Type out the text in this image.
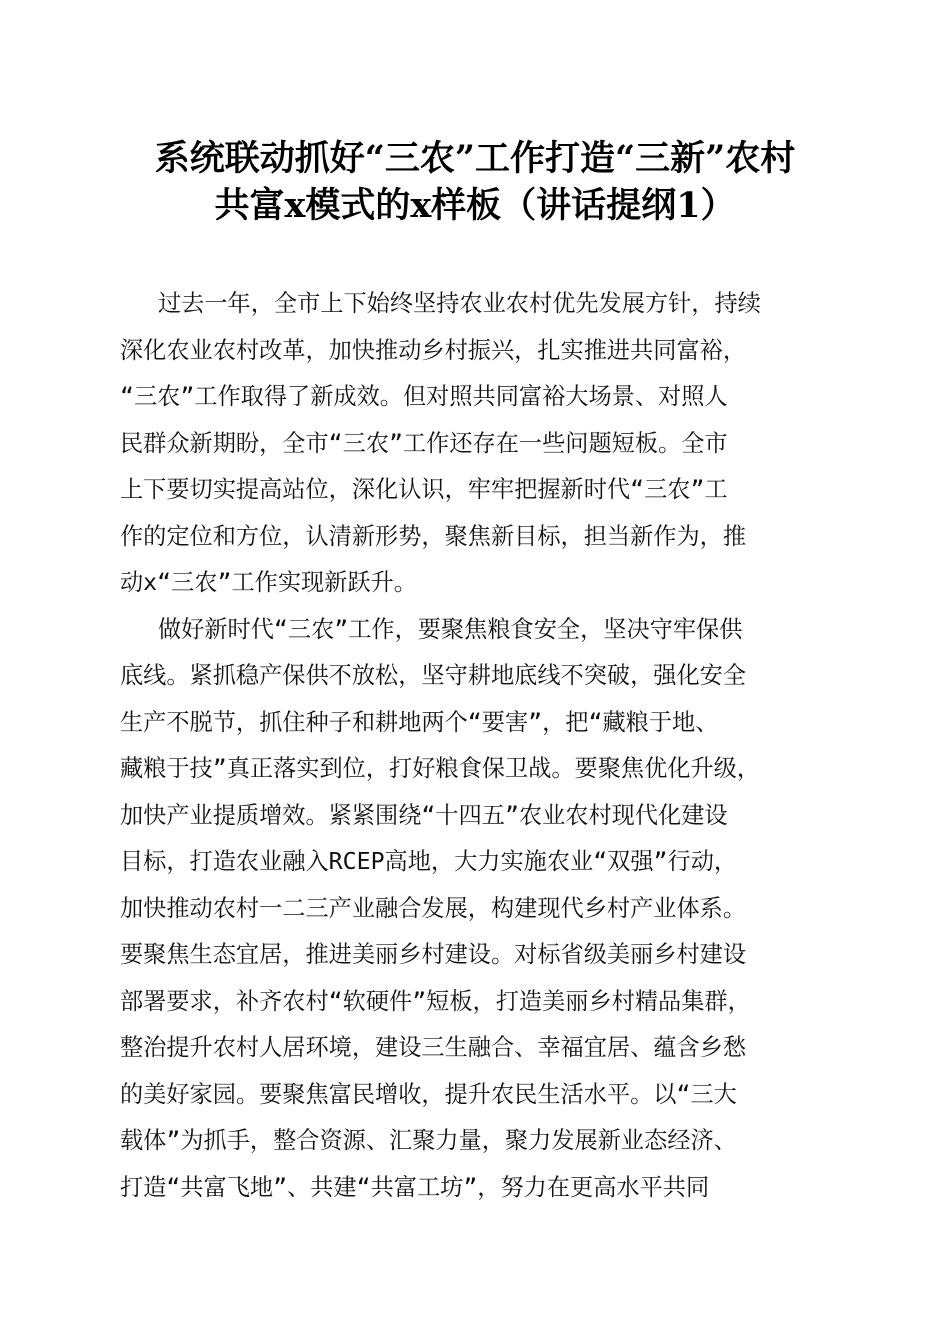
系统联动抓好“三农”工作打造“三新”农村
共富x模式的x样板（讲话提纲1）
过去一年，全市上下始终坚持农业农村优先发展方针，持续
深化农业农村改革，加快推动乡村振兴，扎实推进共同富裕，
“三农”工作取得了新成效。但对照共同富裕大场景、对照人
民群众新期盼，全市“三农”工作还存在一些问题短板。全市
上下要切实提高站位，深化认识，牢牢把握新时代“三农”工
作的定位和方位，认清新形势，聚焦新目标，担当新作为，推
动x“三农”工作实现新跃升。
做好新时代“三农”工作，要聚焦粮食安全，坚决守牢保供
底线。紧抓稳产保供不放松，坚守耕地底线不突破，强化安全
生产不脱节，抓住种子和耕地两个“要害”，把“藏粮于地、
藏粮于技”真正落实到位，打好粮食保卫战。要聚焦优化升级，
加快产业提质增效。紧紧围绕“十四五”农业农村现代化建设
目标，打造农业融入RCEP高地，大力实施农业“双强”行动，
加快推动农村一二三产业融合发展，构建现代乡村产业体系。
要聚焦生态宜居，推进美丽乡村建设。对标省级美丽乡村建设
部署要求，补齐农村“软硬件”短板，打造美丽乡村精品集群，
整治提升农村人居环境，建设三生融合、幸福宜居、蕴含乡愁
的美好家园。要聚焦富民增收，提升农民生活水平。以“三大
载体”为抓手，整合资源、汇聚力量，聚力发展新业态经济、
打造“共富飞地”、共建“共富工坊”，努力在更高水平共同
